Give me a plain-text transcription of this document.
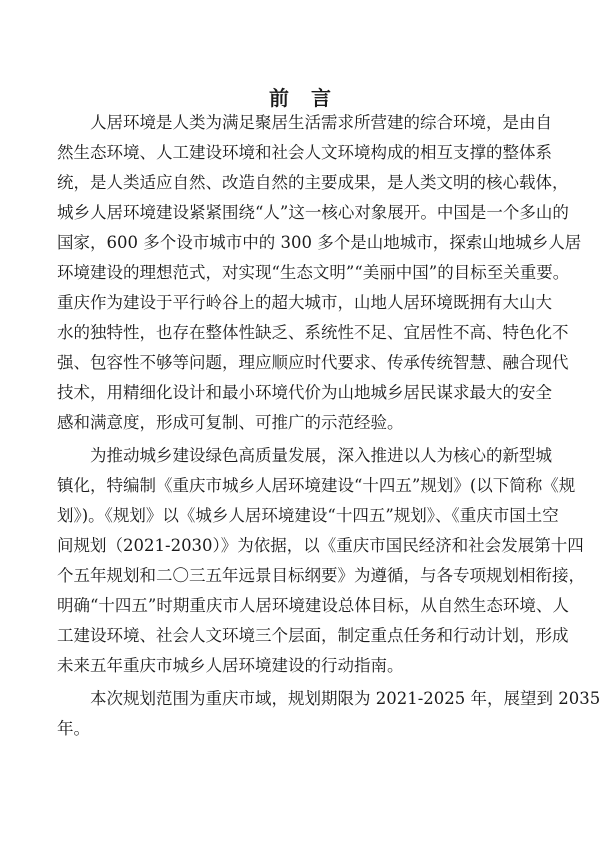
前言
　　人居环境是人类为满足聚居生活需求所营建的综合环境，是由自
然生态环境、人工建设环境和社会人文环境构成的相互支撑的整体系
统，是人类适应自然、改造自然的主要成果，是人类文明的核心载体，
城乡人居环境建设紧紧围绕“人”这一核心对象展开。中国是一个多山的
国家，600 多个设市城市中的 300 多个是山地城市，探索山地城乡人居
环境建设的理想范式，对实现“生态文明”“美丽中国”的目标至关重要。
重庆作为建设于平行岭谷上的超大城市，山地人居环境既拥有大山大
水的独特性，也存在整体性缺乏、系统性不足、宜居性不高、特色化不
强、包容性不够等问题，理应顺应时代要求、传承传统智慧、融合现代
技术，用精细化设计和最小环境代价为山地城乡居民谋求最大的安全
感和满意度，形成可复制、可推广的示范经验。
　　为推动城乡建设绿色高质量发展，深入推进以人为核心的新型城
镇化，特编制《重庆市城乡人居环境建设“十四五”规划》(以下简称《规
划》)。《规划》以《城乡人居环境建设“十四五”规划》、《重庆市国土空
间规划（2021-2030）》为依据，以《重庆市国民经济和社会发展第十四
个五年规划和二〇三五年远景目标纲要》为遵循，与各专项规划相衔接，
明确“十四五”时期重庆市人居环境建设总体目标，从自然生态环境、人
工建设环境、社会人文环境三个层面，制定重点任务和行动计划，形成
未来五年重庆市城乡人居环境建设的行动指南。
　　本次规划范围为重庆市域，规划期限为 2021-2025 年，展望到 2035
年。
